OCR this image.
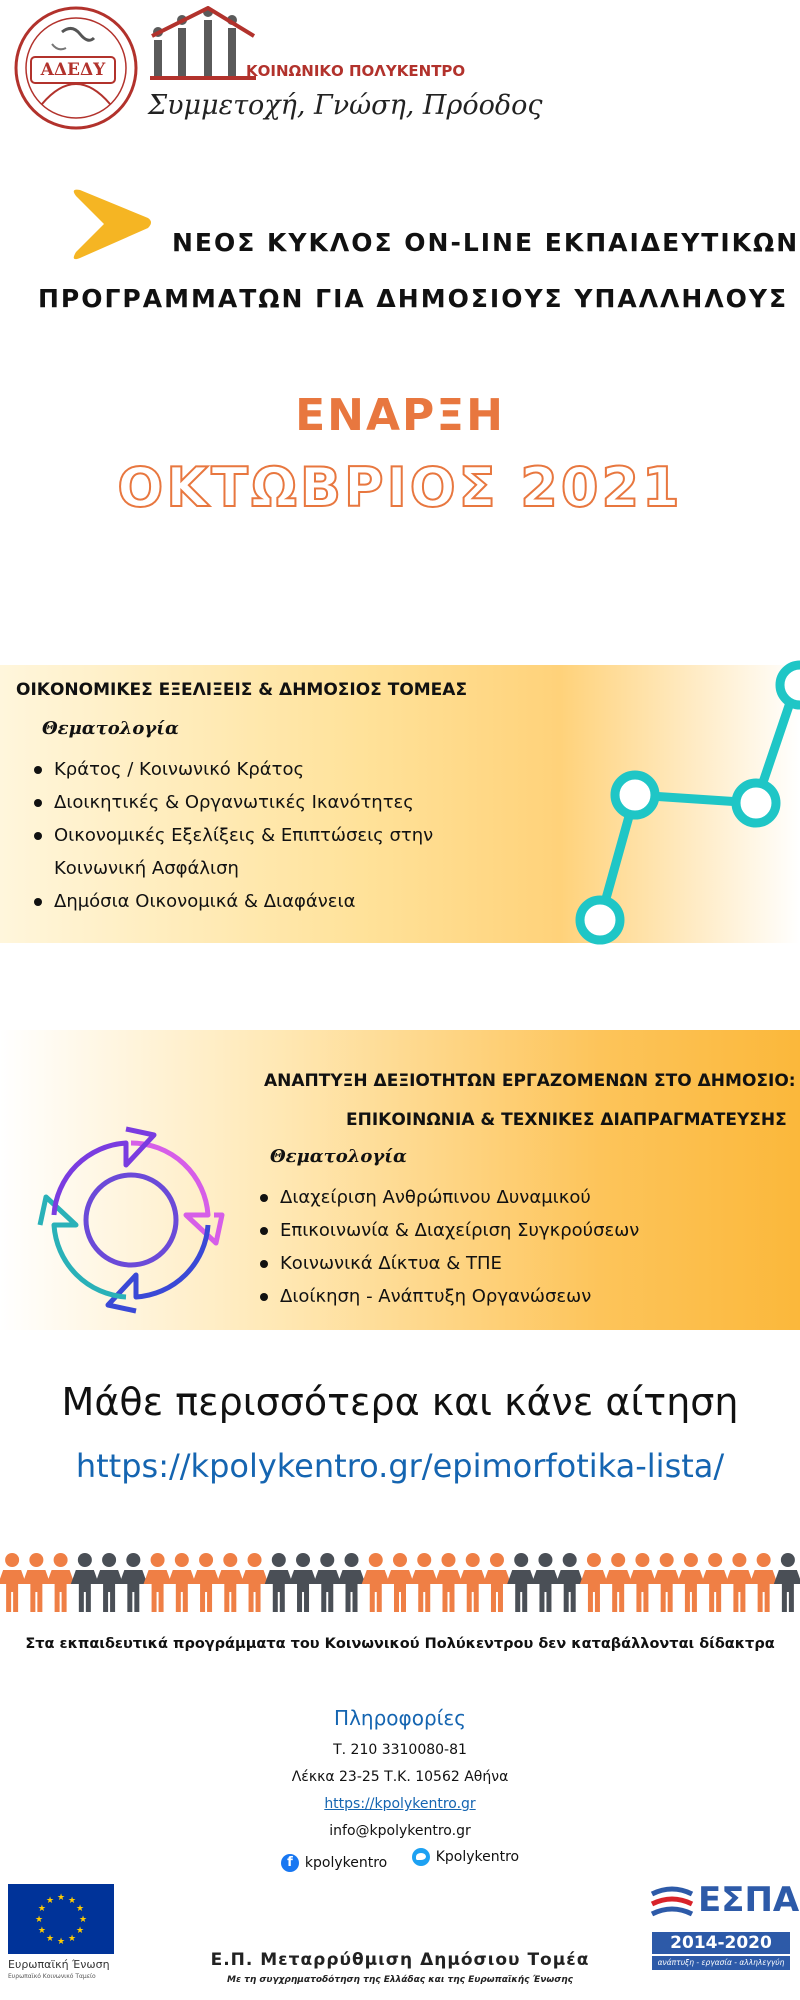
ΑΔΕΔΥ	ΚΟΙΝΩΝΙΚΟ ΠΟΛΥΚΕΝΤΡΟ
Συμμετοχή, Γνώση, Πρόοδος
ΝΕΟΣ ΚΥΚΛΟΣ ON-LINE ΕΚΠΑΙΔΕΥΤΙΚΩΝ
ΠΡΟΓΡΑΜΜΑΤΩΝ ΓΙΑ ΔΗΜΟΣΙΟΥΣ ΥΠΑΛΛΗΛΟΥΣ
ΕΝΑΡΞΗ
ΟΚΤΩΒΡΙΟΣ 2021
ΟΙΚΟΝΟΜΙΚΕΣ ΕΞΕΛΙΞΕΙΣ & ΔΗΜΟΣΙΟΣ ΤΟΜΕΑΣ
Θεματολογία
Κράτος / Κοινωνικό Κράτος
Διοικητικές & Οργανωτικές Ικανότητες
Οικονομικές Εξελίξεις & Επιπτώσεις στην
Κοινωνική Ασφάλιση
Δημόσια Οικονομικά & Διαφάνεια
ΑΝΑΠΤΥΞΗ ΔΕΞΙΟΤΗΤΩΝ ΕΡΓΑΖΟΜΕΝΩΝ ΣΤΟ ΔΗΜΟΣΙΟ:
ΕΠΙΚΟΙΝΩΝΙΑ & ΤΕΧΝΙΚΕΣ ΔΙΑΠΡΑΓΜΑΤΕΥΣΗΣ
Θεματολογία
Διαχείριση Ανθρώπινου Δυναμικού
Επικοινωνία & Διαχείριση Συγκρούσεων
Κοινωνικά Δίκτυα & ΤΠΕ
Διοίκηση - Ανάπτυξη Οργανώσεων
Μάθε περισσότερα και κάνε αίτηση
https://kpolykentro.gr/epimorfotika-lista/
Στα εκπαιδευτικά προγράμματα του Κοινωνικού Πολύκεντρου δεν καταβάλλονται δίδακτρα
Πληροφορίες
Τ. 210 3310080-81
Λέκκα 23-25 Τ.Κ. 10562 Αθήνα
https://kpolykentro.gr
info@kpolykentro.gr
f kpolykentro
	Kpolykentro
★
★
★
★
★
★
★
★
★ ★ ★
★
Ευρωπαϊκή Ένωση
Ευρωπαϊκό Κοινωνικό Ταμείο
Ε.Π. Μεταρρύθμιση Δημόσιου Τομέα
Με τη συγχρηματοδότηση της Ελλάδας και της Ευρωπαϊκής Ένωσης
ΕΣΠΑ
2014-2020
ανάπτυξη - εργασία - αλληλεγγύη
